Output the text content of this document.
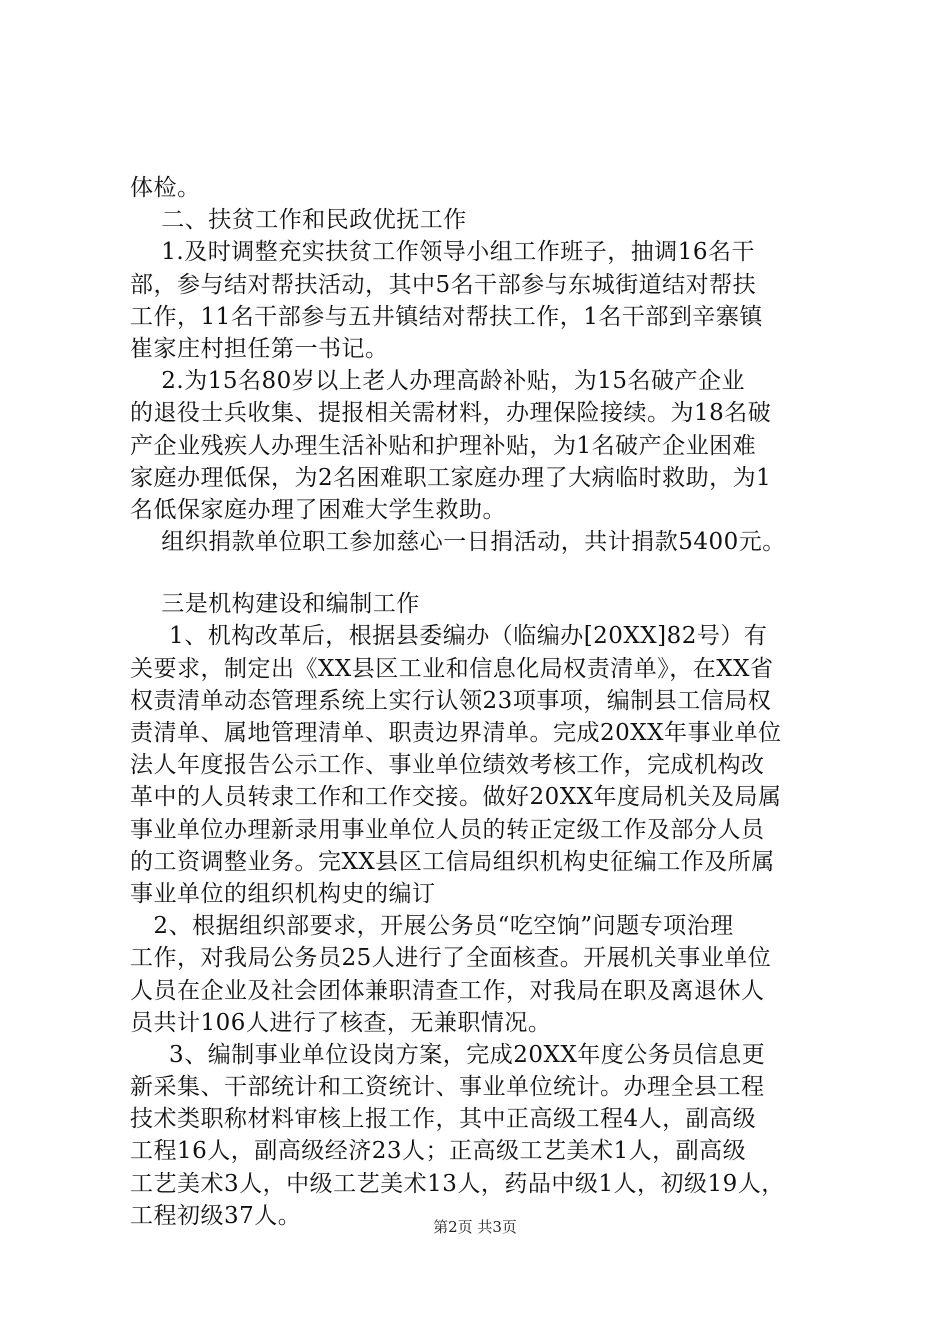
体检。
二、扶贫工作和民政优抚工作
1.及时调整充实扶贫工作领导小组工作班子，抽调16名干
部，参与结对帮扶活动，其中5名干部参与东城街道结对帮扶
工作，11名干部参与五井镇结对帮扶工作，1名干部到辛寨镇
崔家庄村担任第一书记。
2.为15名80岁以上老人办理高龄补贴，为15名破产企业
的退役士兵收集、提报相关需材料，办理保险接续。为18名破
产企业残疾人办理生活补贴和护理补贴，为1名破产企业困难
家庭办理低保，为2名困难职工家庭办理了大病临时救助，为1
名低保家庭办理了困难大学生救助。
组织捐款单位职工参加慈心一日捐活动，共计捐款5400元。
三是机构建设和编制工作
1、机构改革后，根据县委编办（临编办[20XX]82号）有
关要求，制定出《XX县区工业和信息化局权责清单》，在XX省
权责清单动态管理系统上实行认领23项事项，编制县工信局权
责清单、属地管理清单、职责边界清单。完成20XX年事业单位
法人年度报告公示工作、事业单位绩效考核工作，完成机构改
革中的人员转隶工作和工作交接。做好20XX年度局机关及局属
事业单位办理新录用事业单位人员的转正定级工作及部分人员
的工资调整业务。完XX县区工信局组织机构史征编工作及所属
事业单位的组织机构史的编订
2、根据组织部要求，开展公务员“吃空饷”问题专项治理
工作，对我局公务员25人进行了全面核查。开展机关事业单位
人员在企业及社会团体兼职清查工作，对我局在职及离退休人
员共计106人进行了核查，无兼职情况。
3、编制事业单位设岗方案，完成20XX年度公务员信息更
新采集、干部统计和工资统计、事业单位统计。办理全县工程
技术类职称材料审核上报工作，其中正高级工程4人，副高级
工程16人，副高级经济23人；正高级工艺美术1人，副高级
工艺美术3人，中级工艺美术13人，药品中级1人，初级19人，
工程初级37人。	第2页 共3页
